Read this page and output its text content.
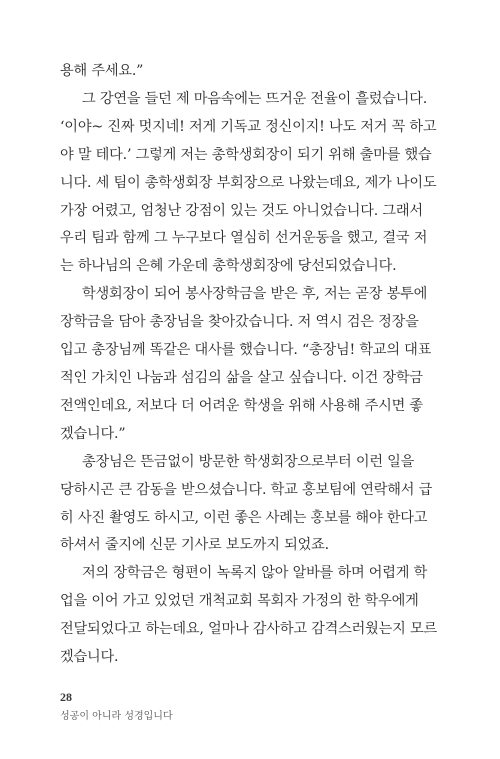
용해 주세요.”
그 강연을 들던 제 마음속에는 뜨거운 전율이 흘렀습니다.
‘이야~ 진짜 멋지네! 저게 기독교 정신이지! 나도 저거 꼭 하고
야 말 테다.’ 그렇게 저는 총학생회장이 되기 위해 출마를 했습
니다. 세 팀이 총학생회장 부회장으로 나왔는데요, 제가 나이도
가장 어렸고, 엄청난 강점이 있는 것도 아니었습니다. 그래서
우리 팀과 함께 그 누구보다 열심히 선거운동을 했고, 결국 저
는 하나님의 은혜 가운데 총학생회장에 당선되었습니다.
학생회장이 되어 봉사장학금을 받은 후, 저는 곧장 봉투에
장학금을 담아 총장님을 찾아갔습니다. 저 역시 검은 정장을
입고 총장님께 똑같은 대사를 했습니다. “총장님! 학교의 대표
적인 가치인 나눔과 섬김의 삶을 살고 싶습니다. 이건 장학금
전액인데요, 저보다 더 어려운 학생을 위해 사용해 주시면 좋
겠습니다.”
총장님은 뜬금없이 방문한 학생회장으로부터 이런 일을
당하시곤 큰 감동을 받으셨습니다. 학교 홍보팀에 연락해서 급
히 사진 촬영도 하시고, 이런 좋은 사례는 홍보를 해야 한다고
하셔서 줄지에 신문 기사로 보도까지 되었죠.
저의 장학금은 형편이 녹록지 않아 알바를 하며 어렵게 학
업을 이어 가고 있었던 개척교회 목회자 가정의 한 학우에게
전달되었다고 하는데요, 얼마나 감사하고 감격스러웠는지 모르
겠습니다.
28
성공이 아니라 성경입니다
